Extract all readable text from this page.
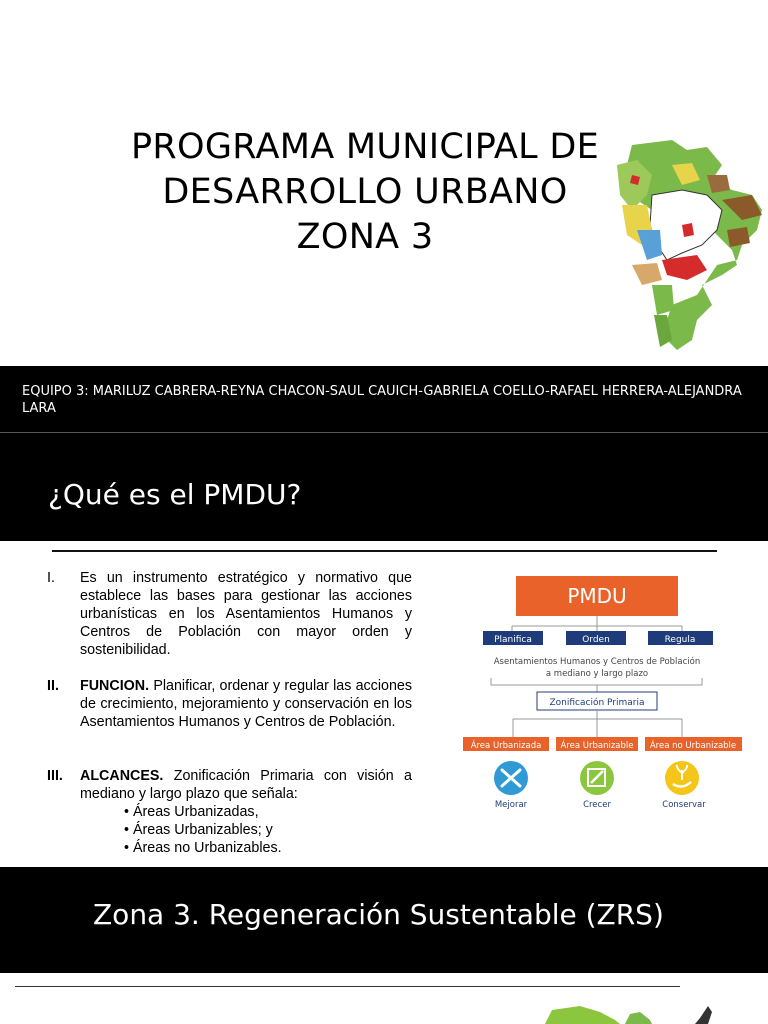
PROGRAMA MUNICIPAL DE
DESARROLLO URBANO
ZONA 3
EQUIPO 3: MARILUZ CABRERA-REYNA CHACON-SAUL CAUICH-GABRIELA COELLO-RAFAEL HERRERA-ALEJANDRA LARA
¿Qué es el PMDU?
I. Es un instrumento estratégico y normativo que establece las bases para gestionar las acciones urbanísticas en los Asentamientos Humanos y Centros de Población con mayor orden y sostenibilidad.
II. FUNCION. Planificar, ordenar y regular las acciones de crecimiento, mejoramiento y conservación en los Asentamientos Humanos y Centros de Población.
III. ALCANCES. Zonificación Primaria con visión a mediano y largo plazo que señala:
• Áreas Urbanizadas,
• Áreas Urbanizables; y
• Áreas no Urbanizables.
PMDU
Planifica	Orden	Regula
Asentamientos Humanos y Centros de Población
a mediano y largo plazo
Zonificación Primaria
Área Urbanizada Área Urbanizable Área no Urbanizable
Mejorar	Crecer	Conservar
Zona 3. Regeneración Sustentable (ZRS)
